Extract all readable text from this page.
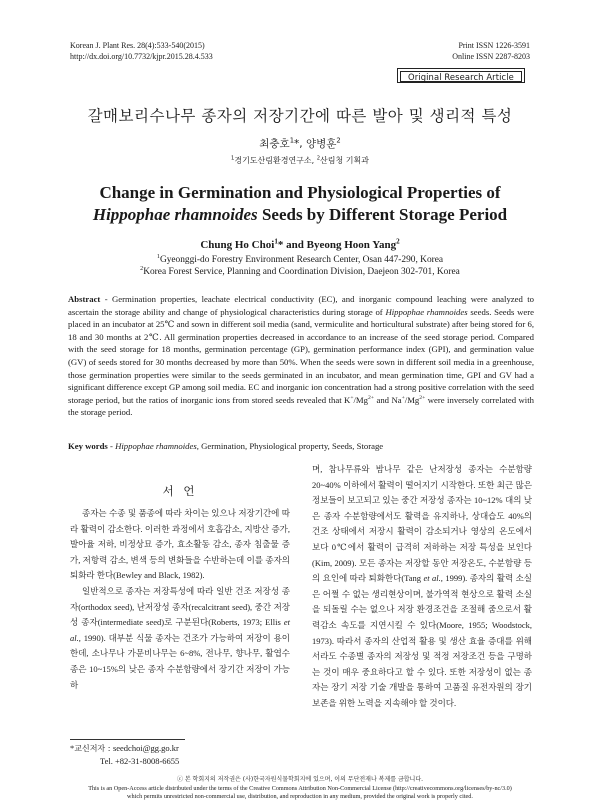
Korean J. Plant Res. 28(4):533-540(2015)
http://dx.doi.org/10.7732/kjpr.2015.28.4.533
Print ISSN 1226-3591
Online ISSN 2287-8203
Original Research Article
갈매보리수나무 종자의 저장기간에 따른 발아 및 생리적 특성
최충호$^1$*, 양병훈$^2$
$^1$경기도산림환경연구소, $^2$산림청 기획과
Change in Germination and Physiological Properties of
Hippophae rhamnoides Seeds by Different Storage Period
Chung Ho Choi$^1$* and Byeong Hoon Yang$^2$
$^1$Gyeonggi-do Forestry Environment Research Center, Osan 447-290, Korea
$^2$Korea Forest Service, Planning and Coordination Division, Daejeon 302-701, Korea
Abstract - Germination properties, leachate electrical conductivity (EC), and inorganic compound leaching were analyzed to ascertain the storage ability and change of physiological characteristics during storage of Hippophae rhamnoides seeds. Seeds were placed in an incubator at 25℃ and sown in different soil media (sand, vermiculite and horticultural substrate) after being stored for 6, 18 and 30 months at 2℃. All germination properties decreased in accordance to an increase of the seed storage period. Compared with the seed storage for 18 months, germination percentage (GP), germination performance index (GPI), and germination value (GV) of seeds stored for 30 months decreased by more than 50%. When the seeds were sown in different soil media in a greenhouse, those germination properties were similar to the seeds germinated in an incubator, and mean germination time, GPI and GV had a significant difference except GP among soil media. EC and inorganic ion concentration had a strong positive correlation with the seed storage period, but the ratios of inorganic ions from stored seeds revealed that $K^+/Mg^{2+}$ and $Na^+/Mg^{2+}$ were inversely correlated with the storage period.
Key words - Hippophae rhamnoides, Germination, Physiological property, Seeds, Storage
서 언
종자는 수종 및 품종에 따라 차이는 있으나 저장기간에 따라 활력이 감소한다. 이러한 과정에서 호흡감소, 지방산 증가, 발아율 저하, 비정상묘 증가, 효소활동 감소, 종자 침출물 증가, 저항력 감소, 변색 등의 변화들을 수반하는데 이를 종자의 퇴화라 한다(Bewley and Black, 1982).
일반적으로 종자는 저장특성에 따라 일반 건조 저장성 종자(orthodox seed), 난저장성 종자(recalcitrant seed), 중간 저장성 종자(intermediate seed)로 구분된다(Roberts, 1973; Ellis et al., 1990). 대부분 식물 종자는 건조가 가능하여 저장이 용이한데, 소나무나 가문비나무는 6~8%, 전나무, 향나무, 활엽수종은 10~15%의 낮은 종자 수분함량에서 장기간 저장이 가능하
며, 참나무류와 밤나무 같은 난저장성 종자는 수분함량 20~40% 이하에서 활력이 떨어지기 시작한다. 또한 최근 많은 정보들이 보고되고 있는 중간 저장성 종자는 10~12% 대의 낮은 종자 수분함량에서도 활력을 유지하나, 상대습도 40%의 건조 상태에서 저장시 활력이 감소되거나 영상의 온도에서 보다 0℃에서 활력이 급격히 저하하는 저장 특성을 보인다(Kim, 2009). 모든 종자는 저장할 동안 저장온도, 수분함량 등의 요인에 따라 퇴화한다(Tang et al., 1999). 종자의 활력 소실은 어쩔 수 없는 생리현상이며, 불가역적 현상으로 활력 소실을 되돌릴 수는 없으나 저장 환경조건을 조절해 줌으로서 활력감소 속도를 지연시킬 수 있다(Moore, 1955; Woodstock, 1973). 따라서 종자의 산업적 활용 및 생산 효율 증대를 위해서라도 수종별 종자의 저장성 및 적정 저장조건 등을 구명하는 것이 매우 중요하다고 할 수 있다. 또한 저장성이 없는 종자는 장기 저장 기술 개발을 통하여 고품질 유전자원의 장기 보존을 위한 노력을 지속해야 할 것이다.
*교신저자 : seedchoi@gg.go.kr
Tel. +82-31-8008-6655
ⓒ 본 학회지의 저작권은 (사)한국자원식물학회지에 있으며, 이의 무단전재나 복제를 금합니다.
This is an Open-Access article distributed under the terms of the Creative Commons Attribution Non-Commercial License (http://creativecommons.org/licenses/by-nc/3.0)
which permits unrestricted non-commercial use, distribution, and reproduction in any medium, provided the original work is properly cited.
